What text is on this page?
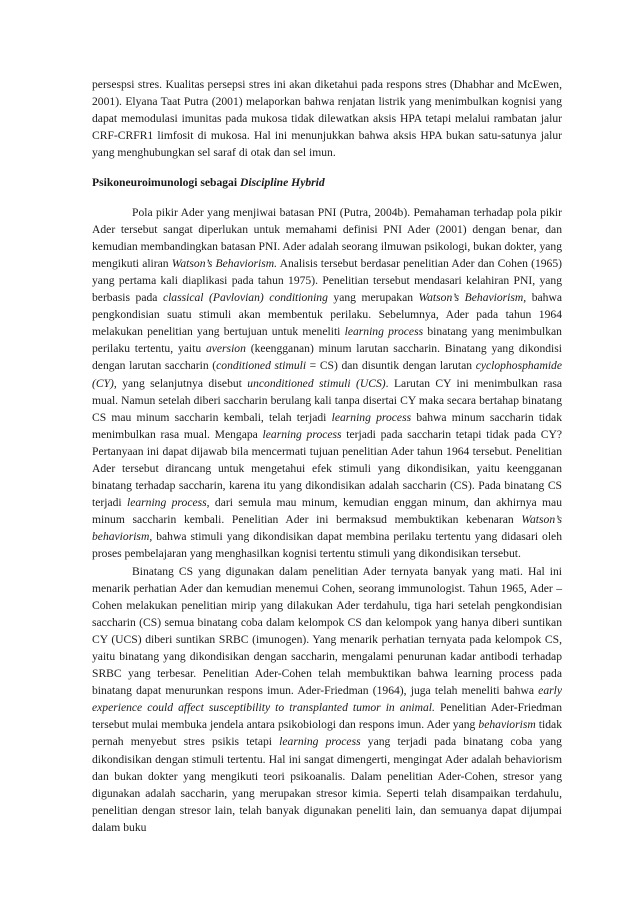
persespsi stres. Kualitas persepsi stres ini akan diketahui pada respons stres (Dhabhar and McEwen, 2001). Elyana Taat Putra (2001) melaporkan bahwa renjatan listrik yang menimbulkan kognisi yang dapat memodulasi imunitas pada mukosa tidak dilewatkan aksis HPA tetapi melalui rambatan jalur CRF-CRFR1 limfosit di mukosa. Hal ini menunjukkan bahwa aksis HPA bukan satu-satunya jalur yang menghubungkan sel saraf di otak dan sel imun.

Psikoneuroimunologi sebagai Discipline Hybrid

Pola pikir Ader yang menjiwai batasan PNI (Putra, 2004b). Pemahaman terhadap pola pikir Ader tersebut sangat diperlukan untuk memahami definisi PNI Ader (2001) dengan benar, dan kemudian membandingkan batasan PNI. Ader adalah seorang ilmuwan psikologi, bukan dokter, yang mengikuti aliran Watson’s Behaviorism. Analisis tersebut berdasar penelitian Ader dan Cohen (1965) yang pertama kali diaplikasi pada tahun 1975). Penelitian tersebut mendasari kelahiran PNI, yang berbasis pada classical (Pavlovian) conditioning yang merupakan Watson’s Behaviorism, bahwa pengkondisian suatu stimuli akan membentuk perilaku. Sebelumnya, Ader pada tahun 1964 melakukan penelitian yang bertujuan untuk meneliti learning process binatang yang menimbulkan perilaku tertentu, yaitu aversion (keengganan) minum larutan saccharin. Binatang yang dikondisi dengan larutan saccharin (conditioned stimuli = CS) dan disuntik dengan larutan cyclophosphamide (CY), yang selanjutnya disebut unconditioned stimuli (UCS). Larutan CY ini menimbulkan rasa mual. Namun setelah diberi saccharin berulang kali tanpa disertai CY maka secara bertahap binatang CS mau minum saccharin kembali, telah terjadi learning process bahwa minum saccharin tidak menimbulkan rasa mual. Mengapa learning process terjadi pada saccharin tetapi tidak pada CY? Pertanyaan ini dapat dijawab bila mencermati tujuan penelitian Ader tahun 1964 tersebut. Penelitian Ader tersebut dirancang untuk mengetahui efek stimuli yang dikondisikan, yaitu keengganan binatang terhadap saccharin, karena itu yang dikondisikan adalah saccharin (CS). Pada binatang CS terjadi learning process, dari semula mau minum, kemudian enggan minum, dan akhirnya mau minum saccharin kembali. Penelitian Ader ini bermaksud membuktikan kebenaran Watson’s behaviorism, bahwa stimuli yang dikondisikan dapat membina perilaku tertentu yang didasari oleh proses pembelajaran yang menghasilkan kognisi tertentu stimuli yang dikondisikan tersebut.

Binatang CS yang digunakan dalam penelitian Ader ternyata banyak yang mati. Hal ini menarik perhatian Ader dan kemudian menemui Cohen, seorang immunologist. Tahun 1965, Ader – Cohen melakukan penelitian mirip yang dilakukan Ader terdahulu, tiga hari setelah pengkondisian saccharin (CS) semua binatang coba dalam kelompok CS dan kelompok yang hanya diberi suntikan CY (UCS) diberi suntikan SRBC (imunogen). Yang menarik perhatian ternyata pada kelompok CS, yaitu binatang yang dikondisikan dengan saccharin, mengalami penurunan kadar antibodi terhadap SRBC yang terbesar. Penelitian Ader-Cohen telah membuktikan bahwa learning process pada binatang dapat menurunkan respons imun. Ader-Friedman (1964), juga telah meneliti bahwa early experience could affect susceptibility to transplanted tumor in animal. Penelitian Ader-Friedman tersebut mulai membuka jendela antara psikobiologi dan respons imun. Ader yang behaviorism tidak pernah menyebut stres psikis tetapi learning process yang terjadi pada binatang coba yang dikondisikan dengan stimuli tertentu. Hal ini sangat dimengerti, mengingat Ader adalah behaviorism dan bukan dokter yang mengikuti teori psikoanalis. Dalam penelitian Ader-Cohen, stresor yang digunakan adalah saccharin, yang merupakan stresor kimia. Seperti telah disampaikan terdahulu, penelitian dengan stresor lain, telah banyak digunakan peneliti lain, dan semuanya dapat dijumpai dalam buku
